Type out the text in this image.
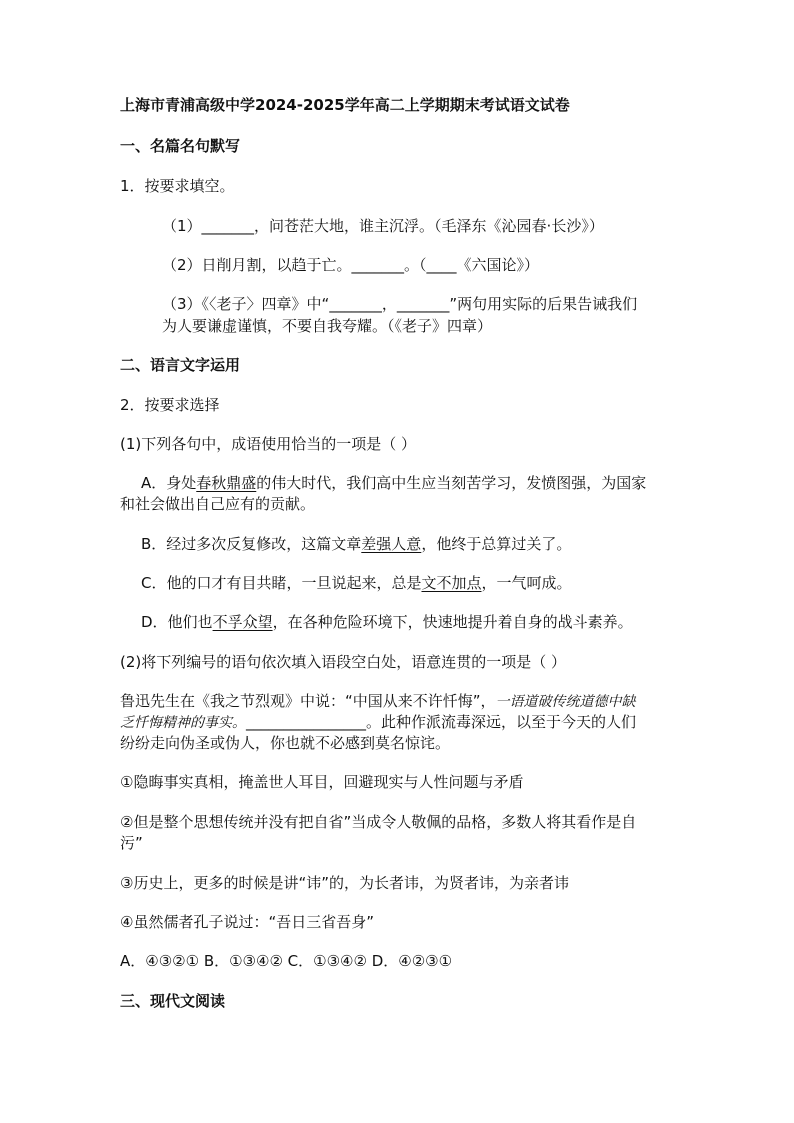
上海市青浦高级中学2024-2025学年高二上学期期末考试语文试卷
一、名篇名句默写
1．按要求填空。
（1）_______，问苍茫大地，谁主沉浮。（毛泽东《沁园春·长沙》）
（2）日削月割，以趋于亡。_______。（____《六国论》）
（3）《〈老子〉四章》中“_______，_______”两句用实际的后果告诫我们
为人要谦虚谨慎，不要自我夸耀。（《老子》四章）
二、语言文字运用
2．按要求选择
(1)下列各句中，成语使用恰当的一项是（ ）
A．身处春秋鼎盛的伟大时代，我们高中生应当刻苦学习，发愤图强，为国家
和社会做出自己应有的贡献。
B．经过多次反复修改，这篇文章差强人意，他终于总算过关了。
C．他的口才有目共睹，一旦说起来，总是文不加点，一气呵成。
D．他们也不孚众望，在各种危险环境下，快速地提升着自身的战斗素养。
(2)将下列编号的语句依次填入语段空白处，语意连贯的一项是（ ）
鲁迅先生在《我之节烈观》中说：“中国从来不许忏悔”，一语道破传统道德中缺
乏忏悔精神的事实。________________。此种作派流毒深远，以至于今天的人们
纷纷走向伪圣或伪人，你也就不必感到莫名惊诧。
①隐晦事实真相，掩盖世人耳目，回避现实与人性问题与矛盾
②但是整个思想传统并没有把自省”当成令人敬佩的品格，多数人将其看作是自
污”
③历史上，更多的时候是讲“讳”的，为长者讳，为贤者讳，为亲者讳
④虽然儒者孔子说过：“吾日三省吾身”
A．④③②① B．①③④② C．①③④② D．④②③①
三、现代文阅读
